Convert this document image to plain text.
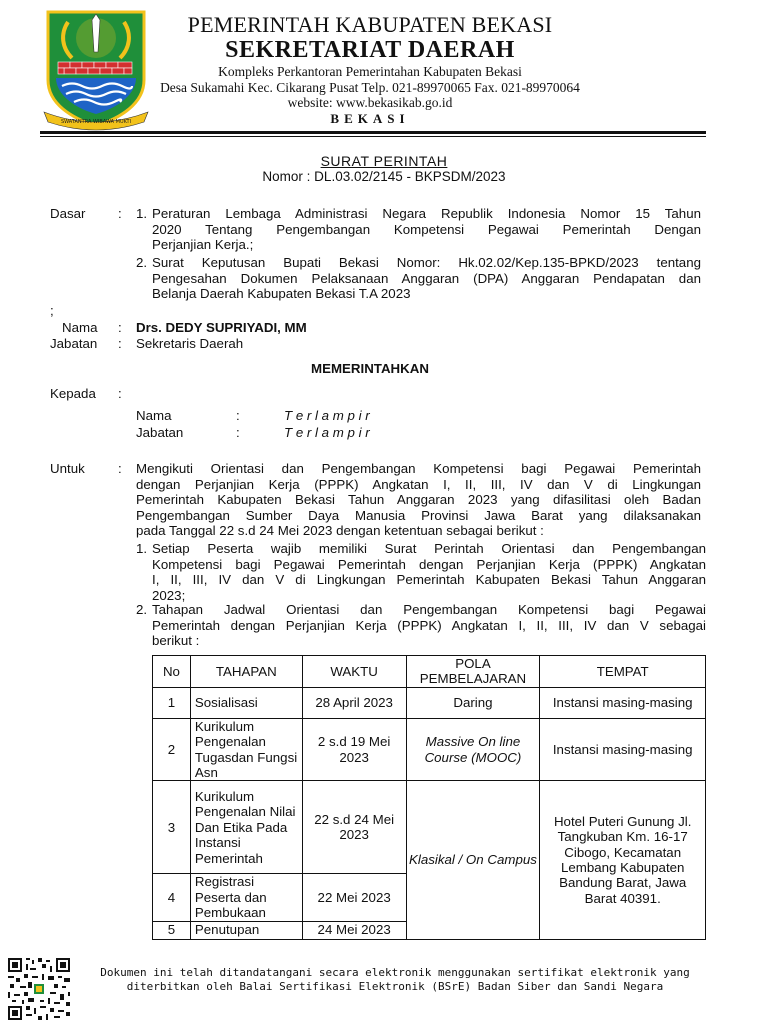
SWATANTRA WIBAWA MUKTI
PEMERINTAH KABUPATEN BEKASI
SEKRETARIAT DAERAH
Kompleks Perkantoran Pemerintahan Kabupaten Bekasi
Desa Sukamahi Kec. Cikarang Pusat Telp. 021-89970065 Fax. 021-89970064
website: www.bekasikab.go.id
BEKASI
SURAT PERINTAH
Nomor : DL.03.02/2145 - BKPSDM/2023
Dasar : 1. Peraturan Lembaga Administrasi Negara Republik Indonesia Nomor 15 Tahun
2020 Tentang Pengembangan Kompetensi Pegawai Pemerintah Dengan
Perjanjian Kerja.;
2. Surat Keputusan Bupati Bekasi Nomor: Hk.02.02/Kep.135-BPKD/2023 tentang
Pengesahan Dokumen Pelaksanaan Anggaran (DPA) Anggaran Pendapatan dan
Belanja Daerah Kabupaten Bekasi T.A 2023
;
Nama : Drs. DEDY SUPRIYADI, MM
Jabatan : Sekretaris Daerah
MEMERINTAHKAN
Kepada :
Nama	:	T e r l a m p i r
Jabatan	:	T e r l a m p i r
Untuk	: Mengikuti Orientasi dan Pengembangan Kompetensi bagi Pegawai Pemerintah
dengan Perjanjian Kerja (PPPK) Angkatan I, II, III, IV dan V di Lingkungan
Pemerintah Kabupaten Bekasi Tahun Anggaran 2023 yang difasilitasi oleh Badan
Pengembangan Sumber Daya Manusia Provinsi Jawa Barat yang dilaksanakan
pada Tanggal 22 s.d 24 Mei 2023 dengan ketentuan sebagai berikut :
1. Setiap Peserta wajib memiliki Surat Perintah Orientasi dan Pengembangan
Kompetensi bagi Pegawai Pemerintah dengan Perjanjian Kerja (PPPK) Angkatan
I, II, III, IV dan V di Lingkungan Pemerintah Kabupaten Bekasi Tahun Anggaran
2023;
2. Tahapan Jadwal Orientasi dan Pengembangan Kompetensi bagi Pegawai
Pemerintah dengan Perjanjian Kerja (PPPK) Angkatan I, II, III, IV dan V sebagai
berikut :
No	TAHAPAN	WAKTU	POLA PEMBELAJARAN	TEMPAT
1	Sosialisasi	28 April 2023	Daring	Instansi masing-masing
2	Kurikulum Pengenalan Tugasdan Fungsi Asn	2 s.d 19 Mei 2023	Massive On line Course (MOOC)	Instansi masing-masing
3	Kurikulum Pengenalan Nilai Dan Etika Pada Instansi Pemerintah	22 s.d 24 Mei 2023	Klasikal / On Campus	Hotel Puteri Gunung Jl. Tangkuban Km. 16-17 Cibogo, Kecamatan Lembang Kabupaten Bandung Barat, Jawa Barat 40391.
4	Registrasi Peserta dan Pembukaan	22 Mei 2023		
5	Penutupan	24 Mei 2023		
Dokumen ini telah ditandatangani secara elektronik menggunakan sertifikat elektronik yang
diterbitkan oleh Balai Sertifikasi Elektronik (BSrE) Badan Siber dan Sandi Negara
